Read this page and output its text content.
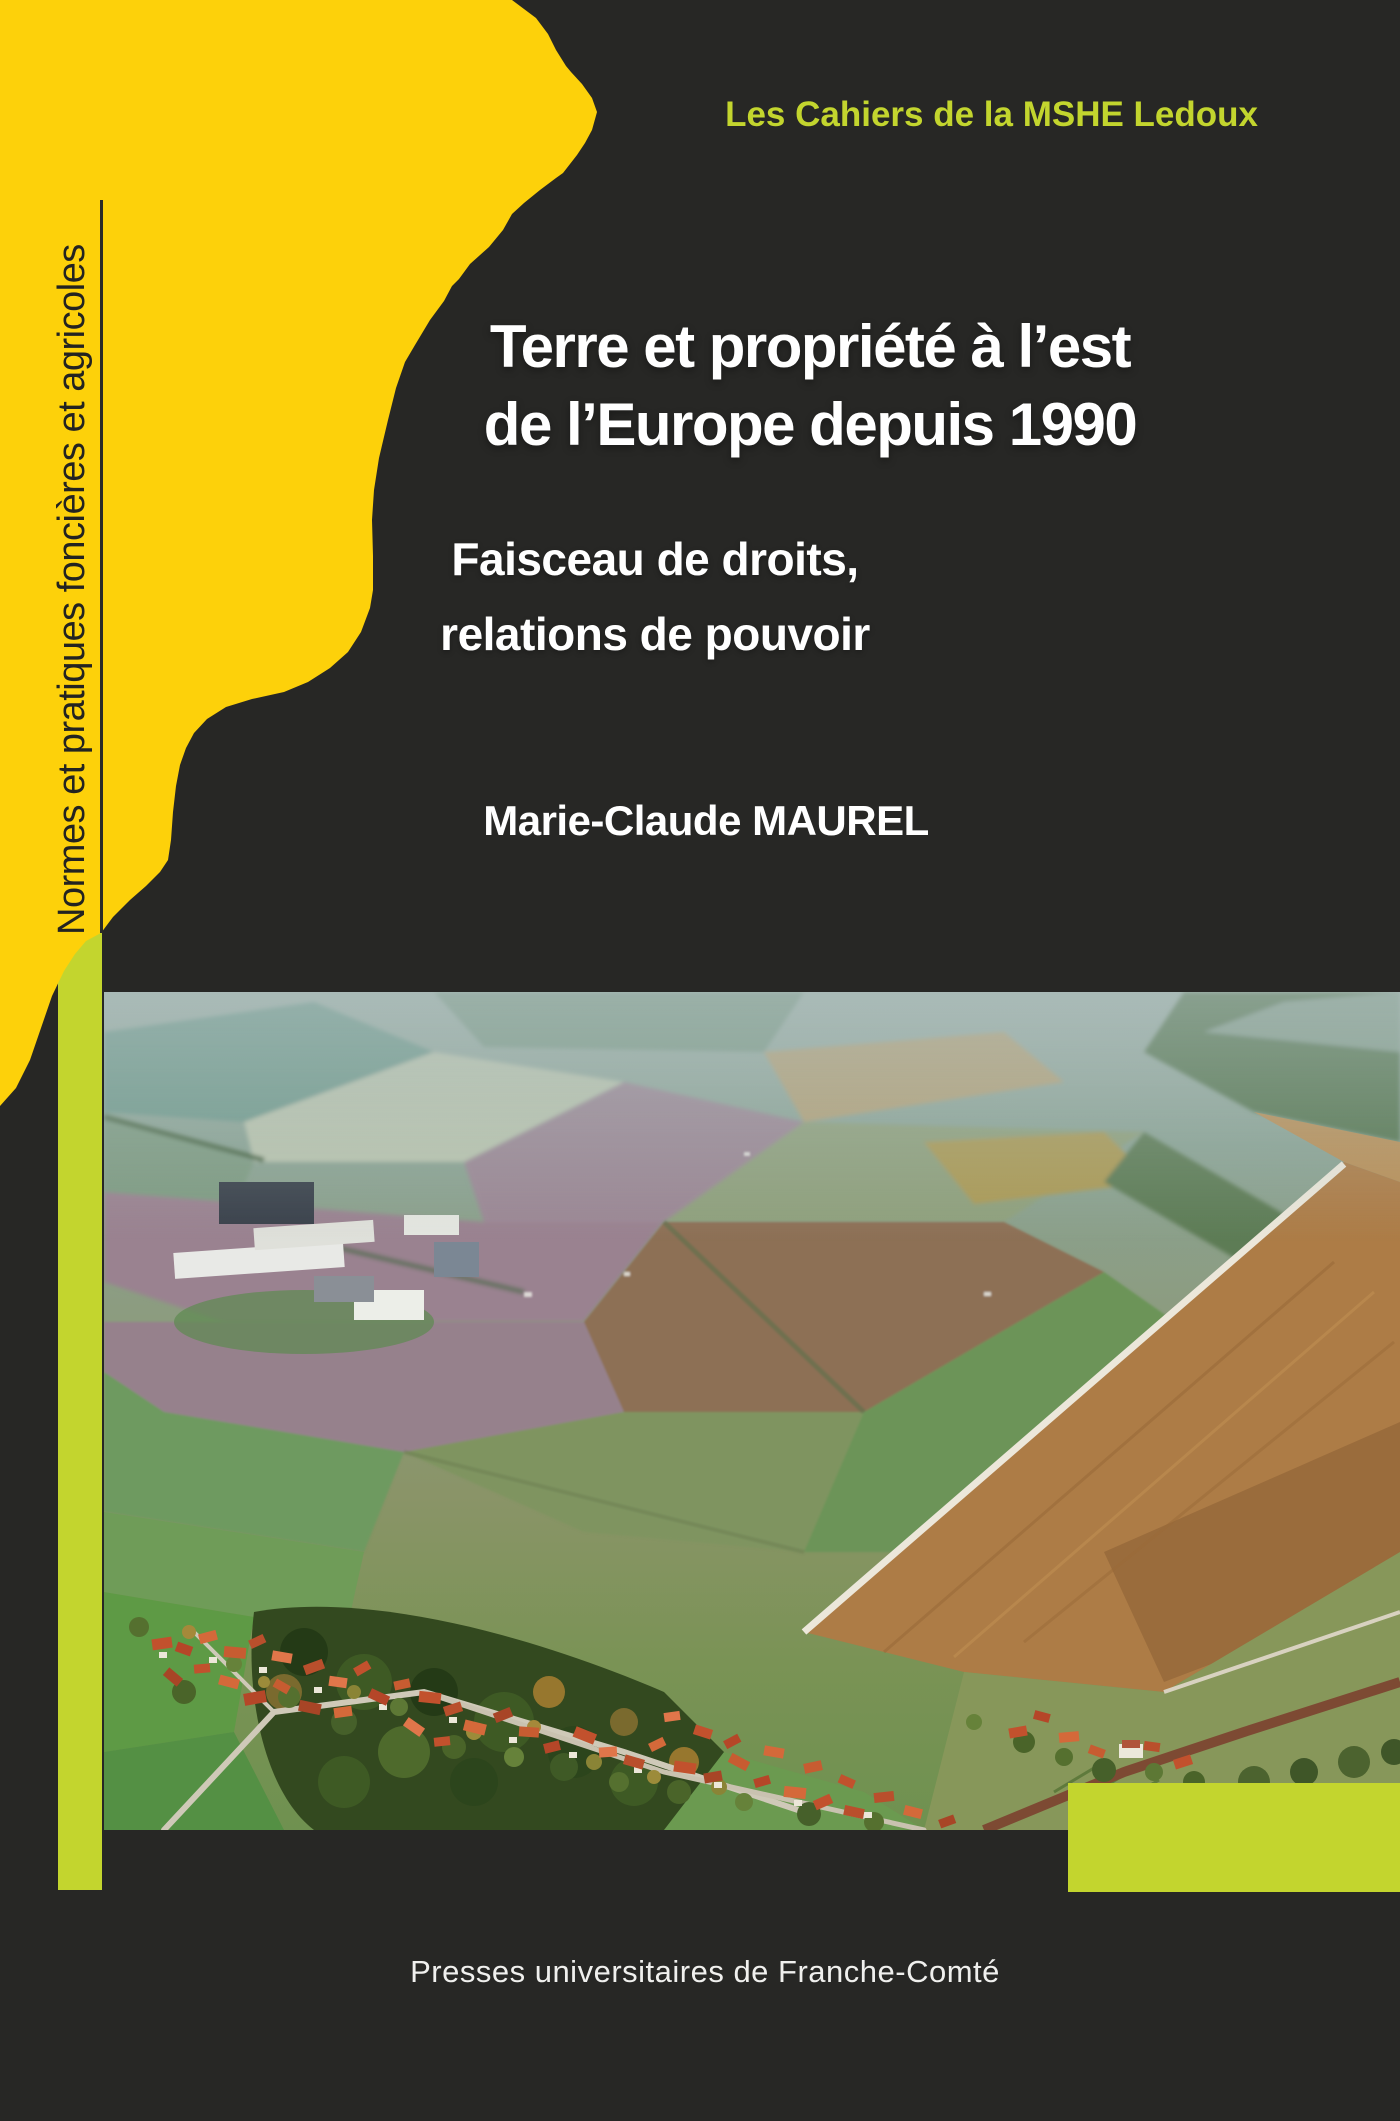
Normes et pratiques foncières et agricoles
Les Cahiers de la MSHE Ledoux
Terre et propriété à l’est
de l’Europe depuis 1990
Faisceau de droits,
relations de pouvoir
Marie-Claude MAUREL
Presses universitaires de Franche-Comté
